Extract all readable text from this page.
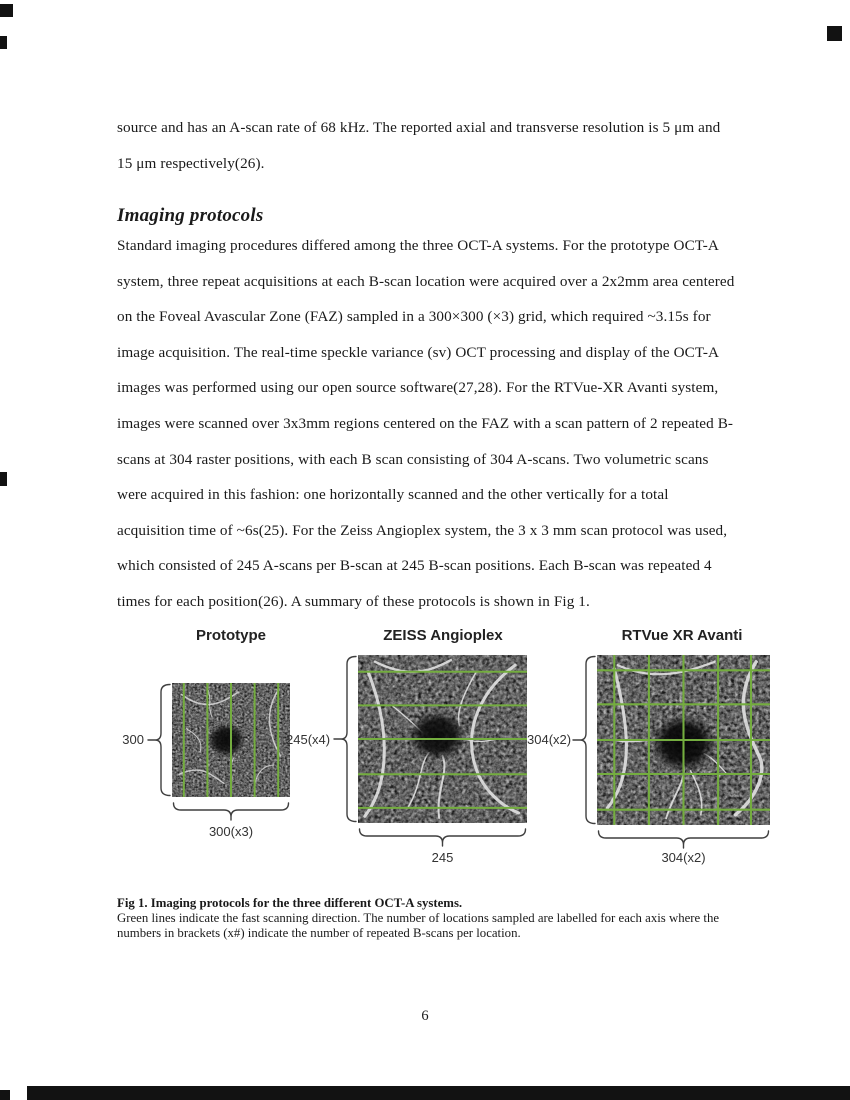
source and has an A-scan rate of 68 kHz. The reported axial and transverse resolution is 5 μm and
15 μm respectively(26).
Imaging protocols
Standard imaging procedures differed among the three OCT-A systems. For the prototype OCT-A
system, three repeat acquisitions at each B-scan location were acquired over a 2x2mm area centered
on the Foveal Avascular Zone (FAZ) sampled in a 300×300 (×3) grid, which required ~3.15s for
image acquisition. The real-time speckle variance (sv) OCT processing and display of the OCT-A
images was performed using our open source software(27,28). For the RTVue-XR Avanti system,
images were scanned over 3x3mm regions centered on the FAZ with a scan pattern of 2 repeated B-
scans at 304 raster positions, with each B scan consisting of 304 A-scans. Two volumetric scans
were acquired in this fashion: one horizontally scanned and the other vertically for a total
acquisition time of ~6s(25). For the Zeiss Angioplex system, the 3 x 3 mm scan protocol was used,
which consisted of 245 A-scans per B-scan at 245 B-scan positions. Each B-scan was repeated 4
times for each position(26). A summary of these protocols is shown in Fig 1.
Prototype	ZEISS Angioplex	RTVue XR Avanti
300	245(x4)	304(x2)
300(x3)
245	304(x2)
Fig 1. Imaging protocols for the three different OCT-A systems.
Green lines indicate the fast scanning direction. The number of locations sampled are labelled for each axis where the
numbers in brackets (x#) indicate the number of repeated B-scans per location.
6
